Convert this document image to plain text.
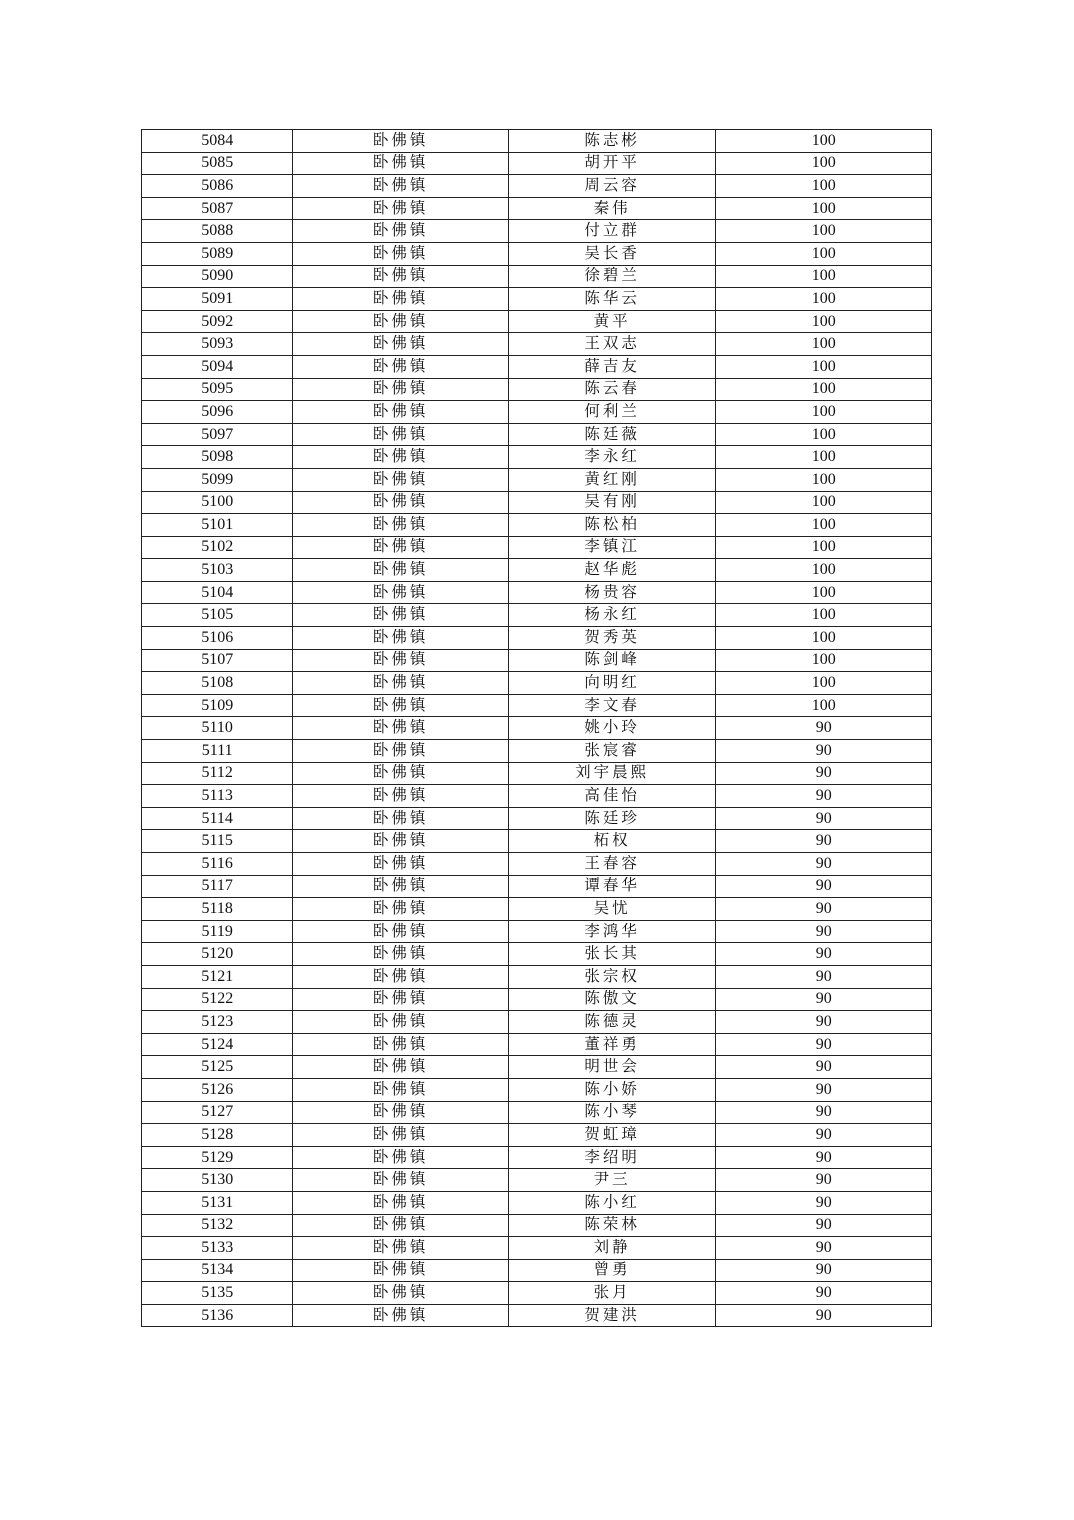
5084	卧佛镇	陈志彬	100
5085	卧佛镇	胡开平	100
5086	卧佛镇	周云容	100
5087	卧佛镇	秦伟	100
5088	卧佛镇	付立群	100
5089	卧佛镇	吴长香	100
5090	卧佛镇	徐碧兰	100
5091	卧佛镇	陈华云	100
5092	卧佛镇	黄平	100
5093	卧佛镇	王双志	100
5094	卧佛镇	薛吉友	100
5095	卧佛镇	陈云春	100
5096	卧佛镇	何利兰	100
5097	卧佛镇	陈廷薇	100
5098	卧佛镇	李永红	100
5099	卧佛镇	黄红刚	100
5100	卧佛镇	吴有刚	100
5101	卧佛镇	陈松柏	100
5102	卧佛镇	李镇江	100
5103	卧佛镇	赵华彪	100
5104	卧佛镇	杨贵容	100
5105	卧佛镇	杨永红	100
5106	卧佛镇	贺秀英	100
5107	卧佛镇	陈剑峰	100
5108	卧佛镇	向明红	100
5109	卧佛镇	李文春	100
5110	卧佛镇	姚小玲	90
5111	卧佛镇	张宸睿	90
5112	卧佛镇	刘宇晨熙	90
5113	卧佛镇	高佳怡	90
5114	卧佛镇	陈廷珍	90
5115	卧佛镇	柘权	90
5116	卧佛镇	王春容	90
5117	卧佛镇	谭春华	90
5118	卧佛镇	吴忧	90
5119	卧佛镇	李鸿华	90
5120	卧佛镇	张长其	90
5121	卧佛镇	张宗权	90
5122	卧佛镇	陈傲文	90
5123	卧佛镇	陈德灵	90
5124	卧佛镇	董祥勇	90
5125	卧佛镇	明世会	90
5126	卧佛镇	陈小娇	90
5127	卧佛镇	陈小琴	90
5128	卧佛镇	贺虹璋	90
5129	卧佛镇	李绍明	90
5130	卧佛镇	尹三	90
5131	卧佛镇	陈小红	90
5132	卧佛镇	陈荣林	90
5133	卧佛镇	刘静	90
5134	卧佛镇	曾勇	90
5135	卧佛镇	张月	90
5136	卧佛镇	贺建洪	90
